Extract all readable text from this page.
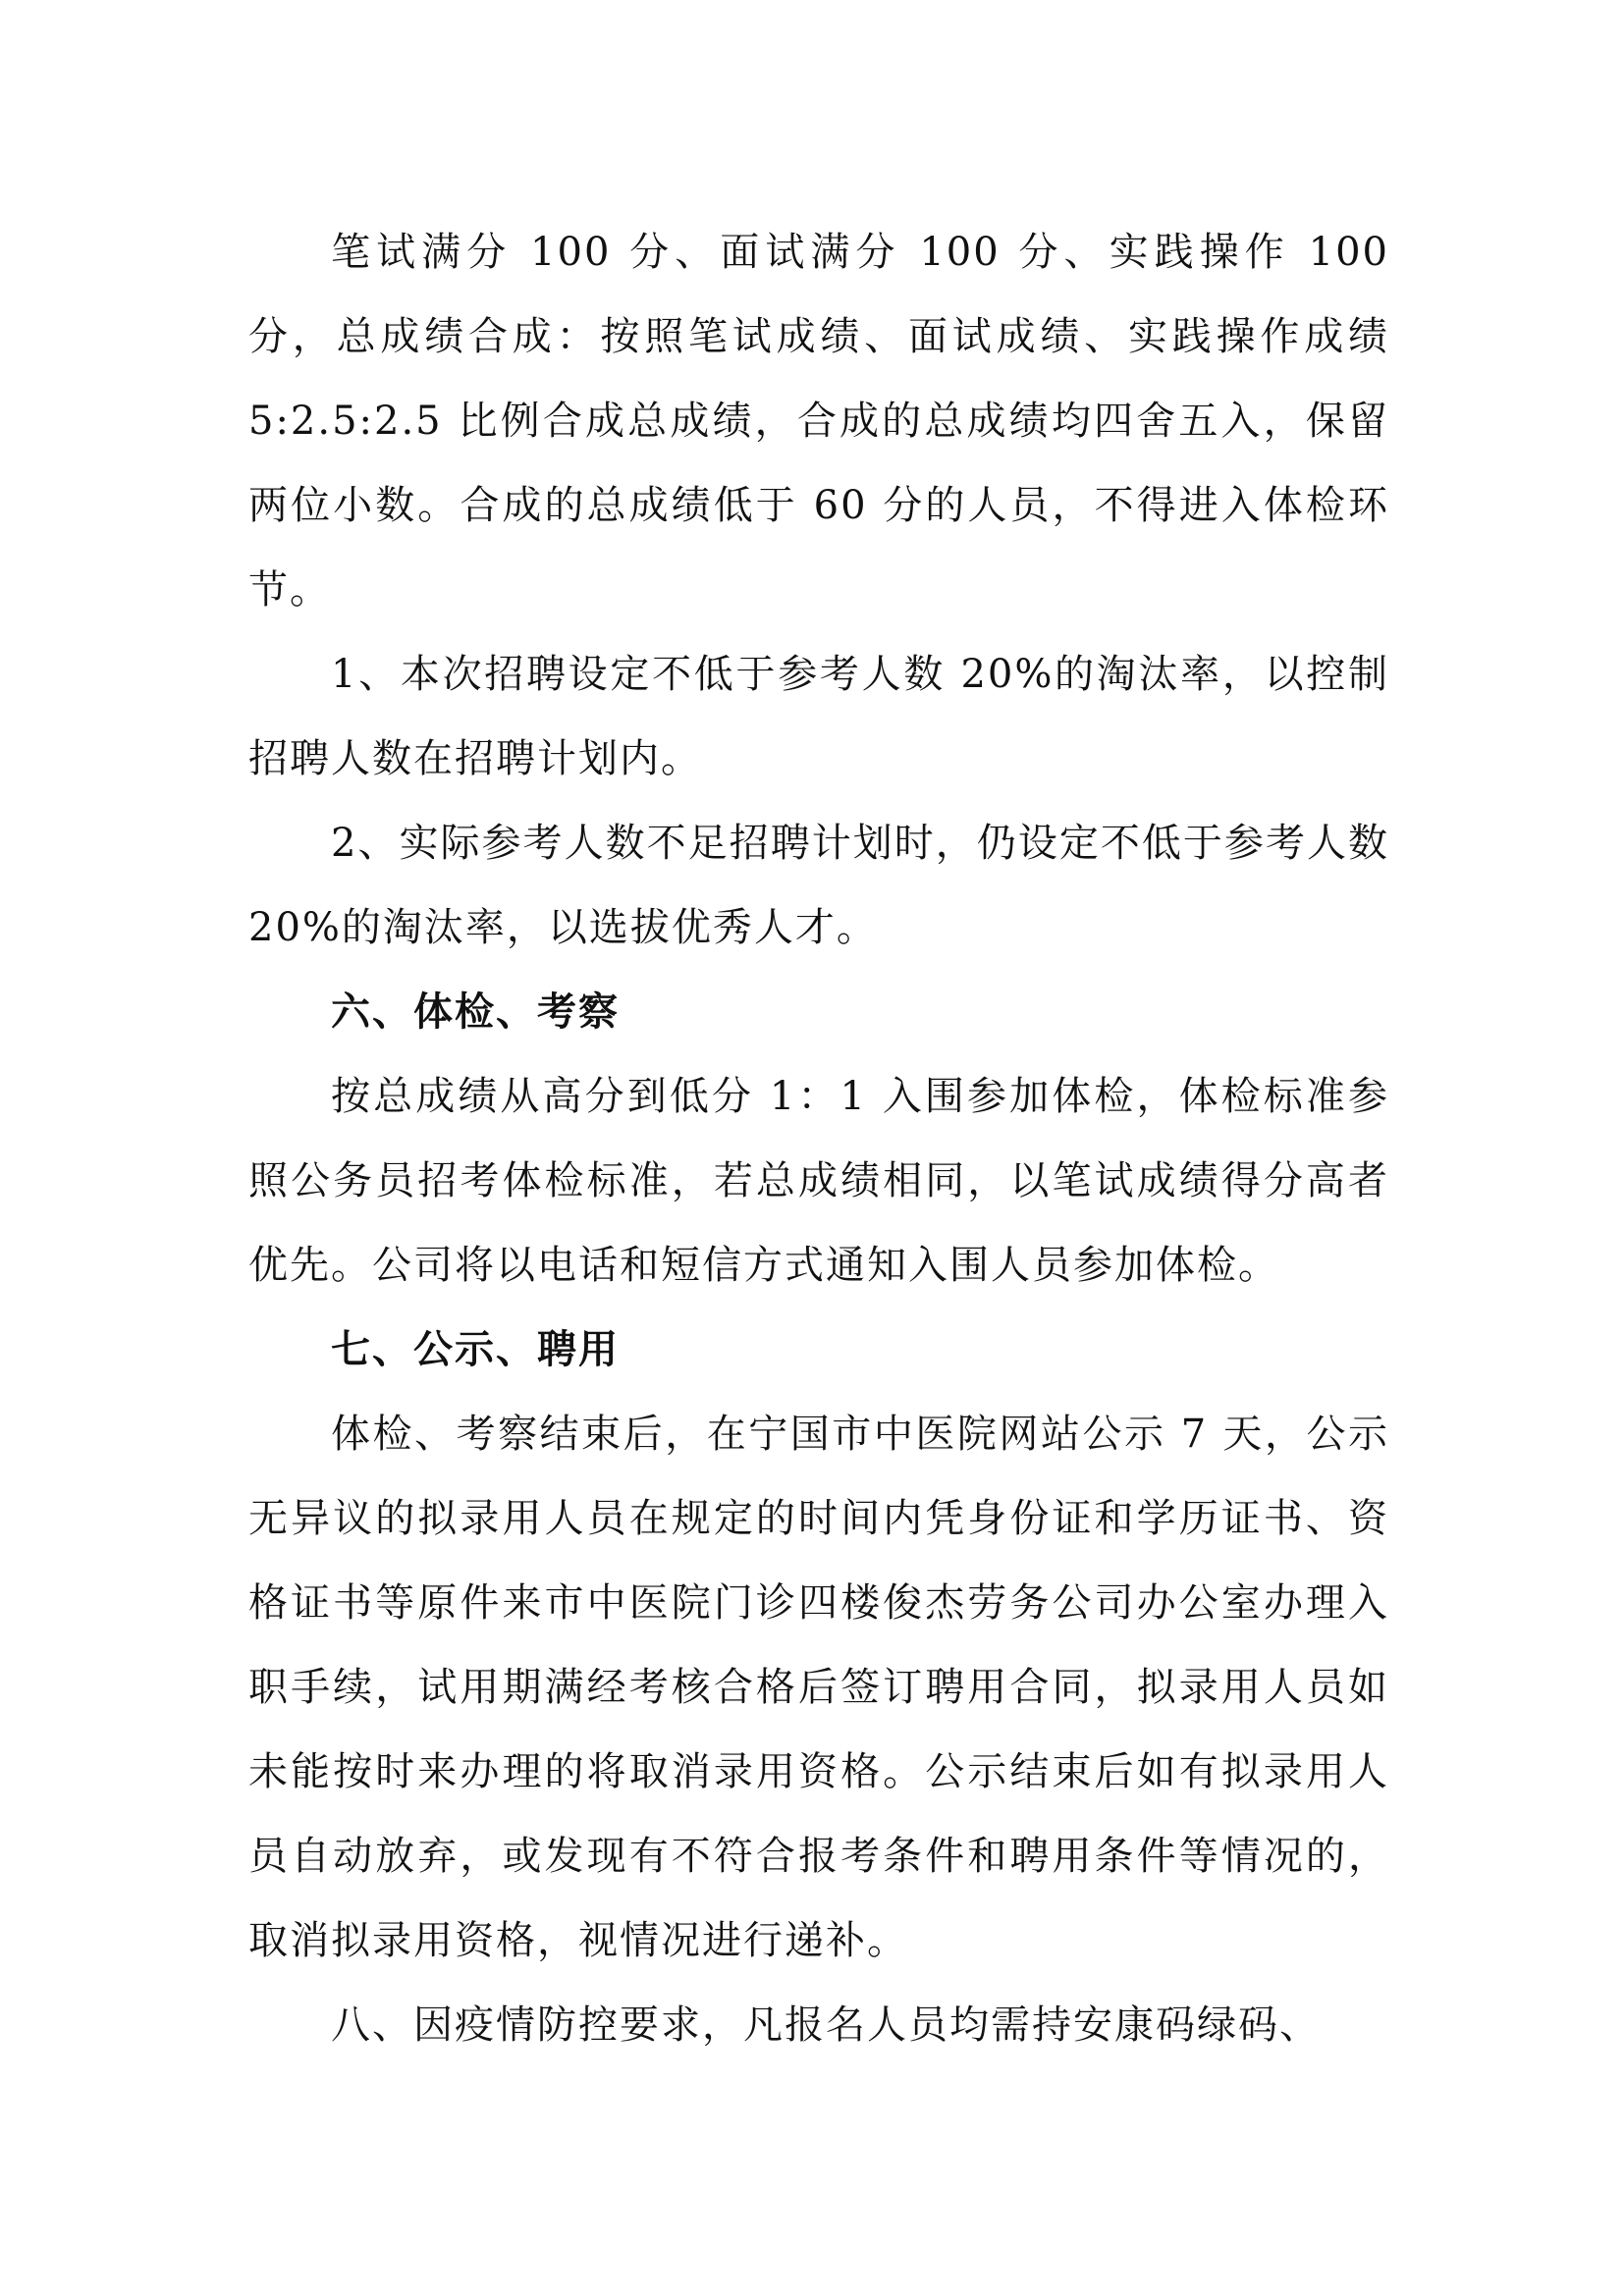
笔试满分 100 分、面试满分 100 分、实践操作 100 分，总成绩合成：按照笔试成绩、面试成绩、实践操作成绩 5:2.5:2.5 比例合成总成绩，合成的总成绩均四舍五入，保留两位小数。合成的总成绩低于 60 分的人员，不得进入体检环节。

1、本次招聘设定不低于参考人数 20%的淘汰率，以控制招聘人数在招聘计划内。

2、实际参考人数不足招聘计划时，仍设定不低于参考人数 20%的淘汰率，以选拔优秀人才。

六、体检、考察

按总成绩从高分到低分 1：1 入围参加体检，体检标准参照公务员招考体检标准，若总成绩相同，以笔试成绩得分高者优先。公司将以电话和短信方式通知入围人员参加体检。

七、公示、聘用

体检、考察结束后，在宁国市中医院网站公示 7 天，公示无异议的拟录用人员在规定的时间内凭身份证和学历证书、资格证书等原件来市中医院门诊四楼俊杰劳务公司办公室办理入职手续，试用期满经考核合格后签订聘用合同，拟录用人员如未能按时来办理的将取消录用资格。公示结束后如有拟录用人员自动放弃，或发现有不符合报考条件和聘用条件等情况的，取消拟录用资格，视情况进行递补。

八、因疫情防控要求，凡报名人员均需持安康码绿码、
